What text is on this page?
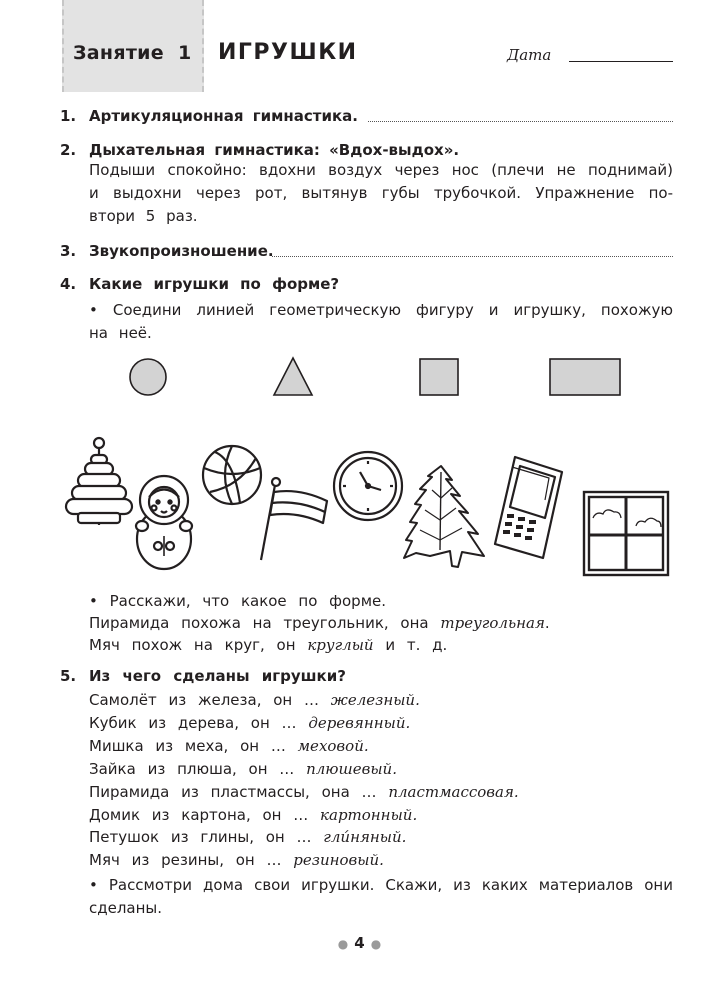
Занятие 1 ИГРУШКИ	Дата
1. Артикуляционная гимнастика.
2. Дыхательная гимнастика: «Вдох-выдох».
Подыши спокойно: вдохни воздух через нос (плечи не поднимай)
и выдохни через рот, вытянув губы трубочкой. Упражнение по-
втори 5 раз.
3. Звукопроизношение.
4. Какие игрушки по форме?
• Соедини линией геометрическую фигуру и игрушку, похожую
на неё.
• Расскажи, что какое по форме.
Пирамида похожа на треугольник, она треугольная.
Мяч похож на круг, он круглый и т. д.
5. Из чего сделаны игрушки?
Самолёт из железа, он … железный.
Кубик из дерева, он … деревянный.
Мишка из меха, он … меховой.
Зайка из плюша, он … плюшевый.
Пирамида из пластмассы, она … пластмассовая.
Домик из картона, он … картонный.
Петушок из глины, он … гли́няный.
Мяч из резины, он … резиновый.
• Рассмотри дома свои игрушки. Скажи, из каких материалов они
сделаны.
● 4 ●
